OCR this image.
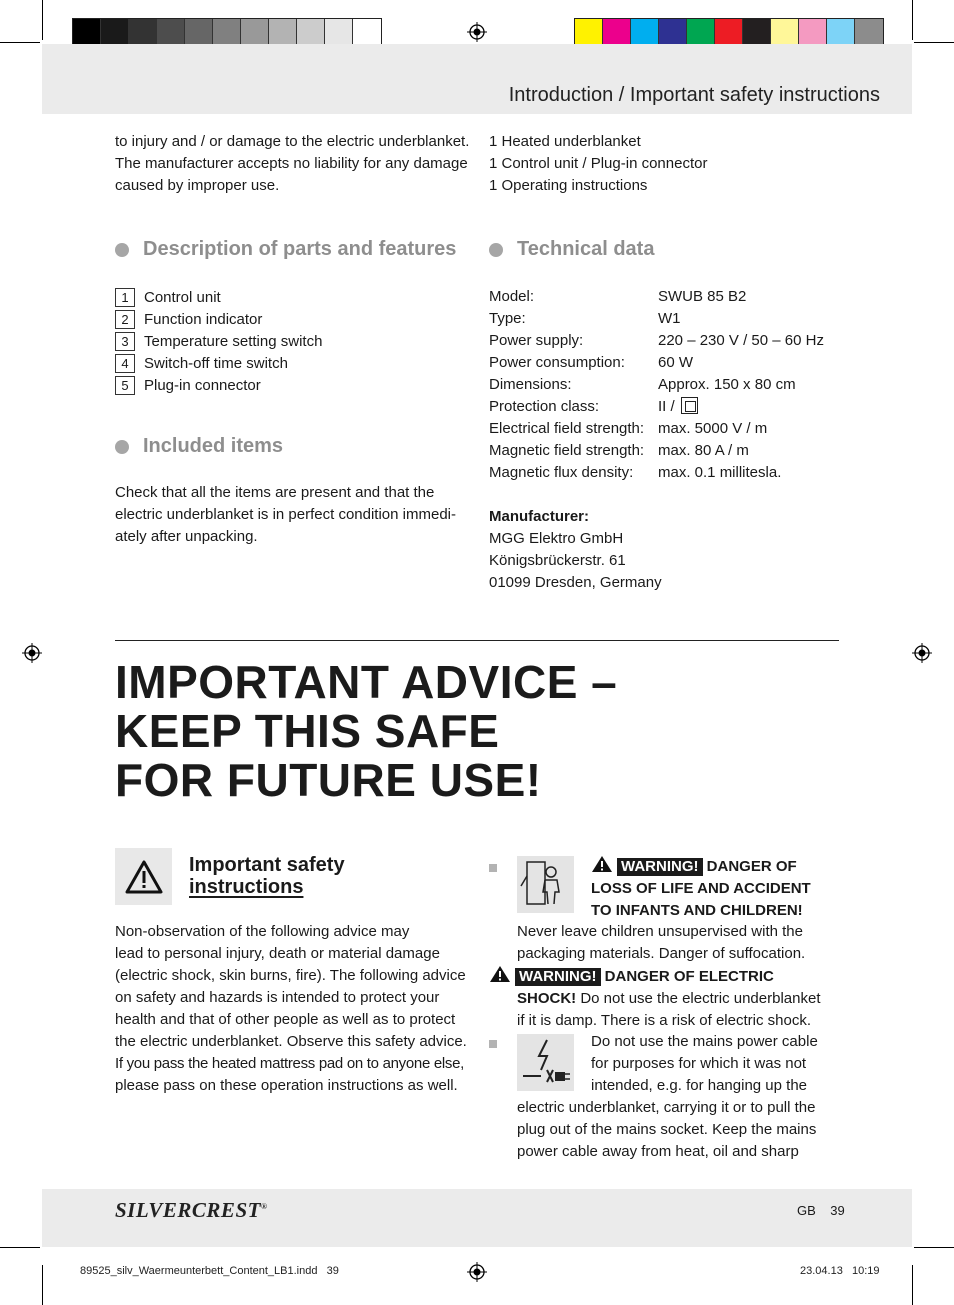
Introduction / Important safety instructions
to injury and / or damage to the electric underblanket.
The manufacturer accepts no liability for any damage
caused by improper use.
1 Heated underblanket
1 Control unit / Plug-in connector
1 Operating instructions
Description of parts and features	Technical data
1	Control unit
2	Function indicator
3	Temperature setting switch
4	Switch-off time switch
5	Plug-in connector
Included items
Check that all the items are present and that the
electric underblanket is in perfect condition immedi-
ately after unpacking.
Model:	SWUB 85 B2
Type:	W1
Power supply:	220 – 230 V / 50 – 60 Hz
Power consumption:	60 W
Dimensions:	Approx. 150 x 80 cm
Protection class:	II /
Electrical field strength: max. 5000 V / m
Magnetic field strength: max. 80 A / m
Magnetic flux density:	max. 0.1 millitesla.
Manufacturer:
MGG Elektro GmbH
Königsbrückerstr. 61
01099 Dresden, Germany
IMPORTANT ADVICE –
KEEP THIS SAFE
FOR FUTURE USE!
Important safety
instructions
Non-observation of the following advice may
lead to personal injury, death or material damage
(electric shock, skin burns, fire). The following advice
on safety and hazards is intended to protect your
health and that of other people as well as to protect
the electric underblanket. Observe this safety advice.
If you pass the heated mattress pad on to anyone else,
please pass on these operation instructions as well.
WARNING! DANGER OF
LOSS OF LIFE AND ACCIDENT
TO INFANTS AND CHILDREN!
Never leave children unsupervised with the
packaging materials. Danger of suffocation.
WARNING! DANGER OF ELECTRIC
SHOCK! Do not use the electric underblanket
if it is damp. There is a risk of electric shock.
Do not use the mains power cable
for purposes for which it was not
intended, e.g. for hanging up the
electric underblanket, carrying it or to pull the
plug out of the mains socket. Keep the mains
power cable away from heat, oil and sharp
SILVERCREST®	GB 39
89525_silv_Waermeunterbett_Content_LB1.indd   39	23.04.13   10:19
